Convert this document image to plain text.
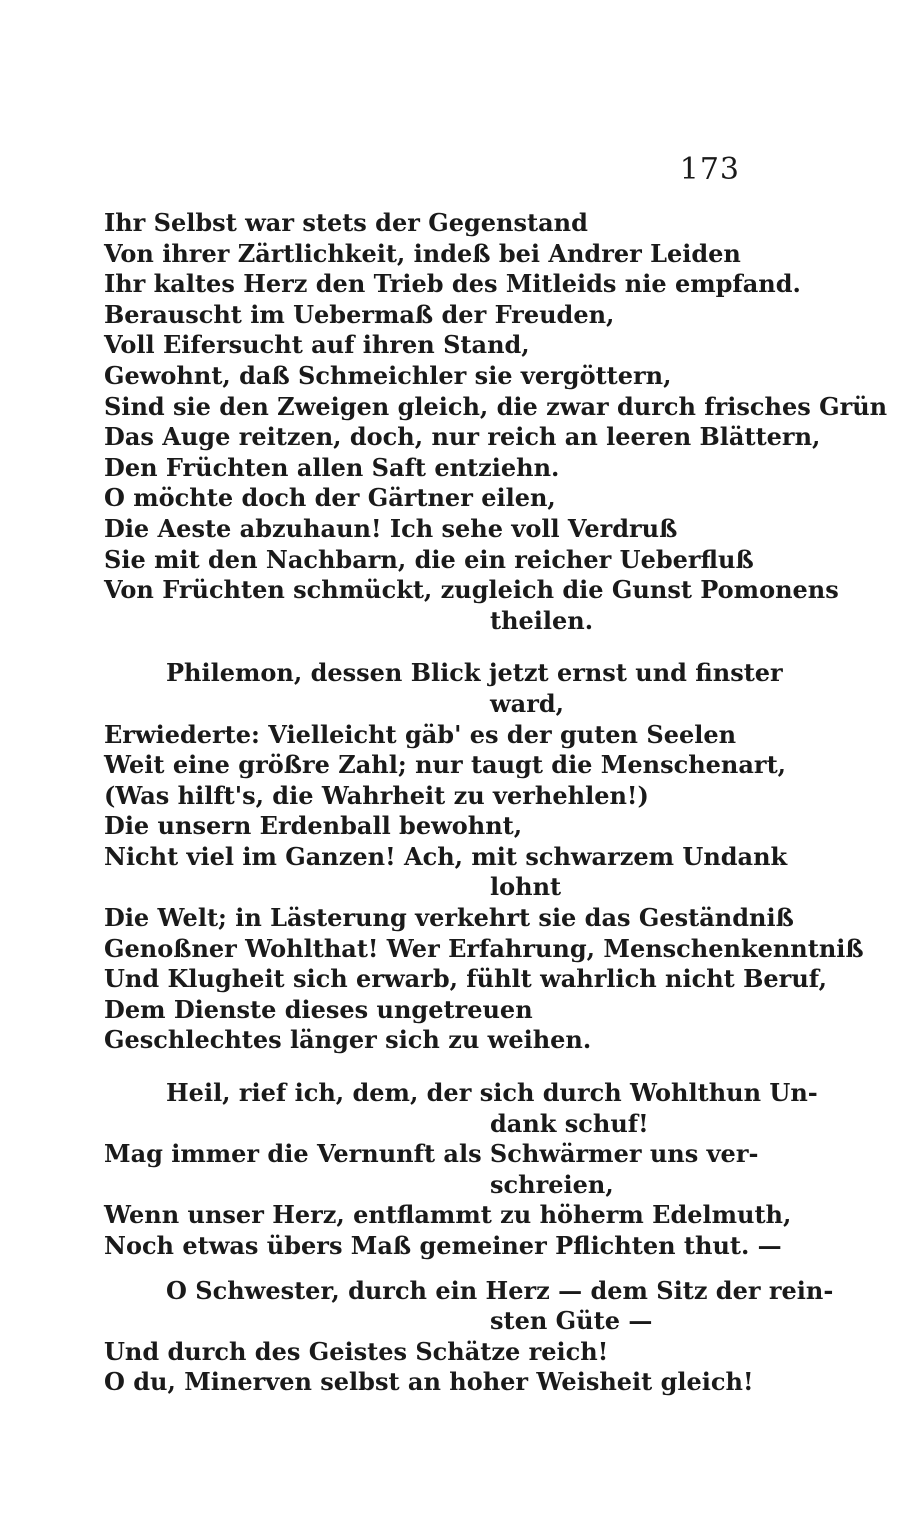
173
Ihr Selbst war stets der Gegenstand
Von ihrer Zärtlichkeit, indeß bei Andrer Leiden
Ihr kaltes Herz den Trieb des Mitleids nie empfand.
Berauscht im Uebermaß der Freuden,
Voll Eifersucht auf ihren Stand,
Gewohnt, daß Schmeichler sie vergöttern,
Sind sie den Zweigen gleich, die zwar durch frisches Grün
Das Auge reitzen, doch, nur reich an leeren Blättern,
Den Früchten allen Saft entziehn.
O möchte doch der Gärtner eilen,
Die Aeste abzuhaun! Ich sehe voll Verdruß
Sie mit den Nachbarn, die ein reicher Ueberfluß
Von Früchten schmückt, zugleich die Gunst Pomonens
theilen.
Philemon, dessen Blick jetzt ernst und finster
ward,
Erwiederte: Vielleicht gäb' es der guten Seelen
Weit eine größre Zahl; nur taugt die Menschenart,
(Was hilft's, die Wahrheit zu verhehlen!)
Die unsern Erdenball bewohnt,
Nicht viel im Ganzen! Ach, mit schwarzem Undank
lohnt
Die Welt; in Lästerung verkehrt sie das Geständniß
Genoßner Wohlthat! Wer Erfahrung, Menschenkenntniß
Und Klugheit sich erwarb, fühlt wahrlich nicht Beruf,
Dem Dienste dieses ungetreuen
Geschlechtes länger sich zu weihen.
Heil, rief ich, dem, der sich durch Wohlthun Un-
dank schuf!
Mag immer die Vernunft als Schwärmer uns ver-
schreien,
Wenn unser Herz, entflammt zu höherm Edelmuth,
Noch etwas übers Maß gemeiner Pflichten thut. —
O Schwester, durch ein Herz — dem Sitz der rein-
sten Güte —
Und durch des Geistes Schätze reich!
O du, Minerven selbst an hoher Weisheit gleich!
